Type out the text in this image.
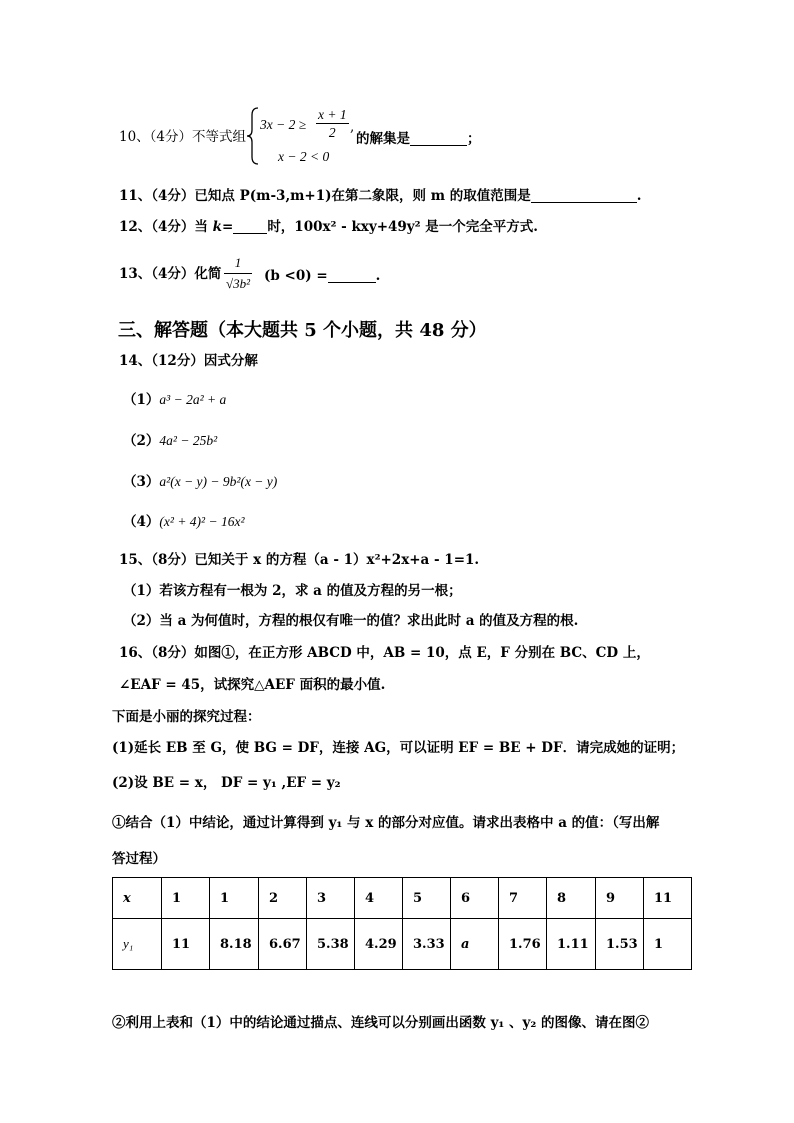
10、（4分）不等式组
$3x - 2 \ge \frac{x + 1}{2}$ ,
的解集是	；
x − 2 < 0
11、（4分）已知点 P(m-3,m+1)在第二象限，则 m 的取值范围是	.
12、（4分）当 k=	时，100x² - kxy+49y² 是一个完全平方式.
13、（4分）化简 $\frac{1}{\text{√3b²}} (b <0)$ =	.
三、解答题（本大题共 5 个小题，共 48 分）
14、（12分）因式分解
（1）a³ − 2a² + a
（2）4a² − 25b²
（3）a²(x − y) − 9b²(x − y)
（4）(x² + 4)² − 16x²
15、（8分）已知关于 x 的方程（a - 1）x²+2x+a - 1=1.
（1）若该方程有一根为 2，求 a 的值及方程的另一根；
（2）当 a 为何值时，方程的根仅有唯一的值？求出此时 a 的值及方程的根.
16、（8分）如图①，在正方形 ABCD 中，AB = 10，点 E，F 分别在 BC、CD 上，
∠EAF = 45，试探究△AEF 面积的最小值.
下面是小丽的探究过程：
(1)延长 EB 至 G，使 BG = DF，连接 AG，可以证明 EF = BE + DF．请完成她的证明；
(2)设 BE = x， DF = y₁ ,EF = y₂
①结合（1）中结论，通过计算得到 y₁ 与 x 的部分对应值。请求出表格中 a 的值：（写出解
答过程）
x	1	1	2	3	4	5	6	7	8	9	11
y₁	11	8.18	6.67	5.38	4.29	3.33	a	1.76	1.11	1.53	1
②利用上表和（1）中的结论通过描点、连线可以分别画出函数 y₁ 、y₂ 的图像、请在图②
